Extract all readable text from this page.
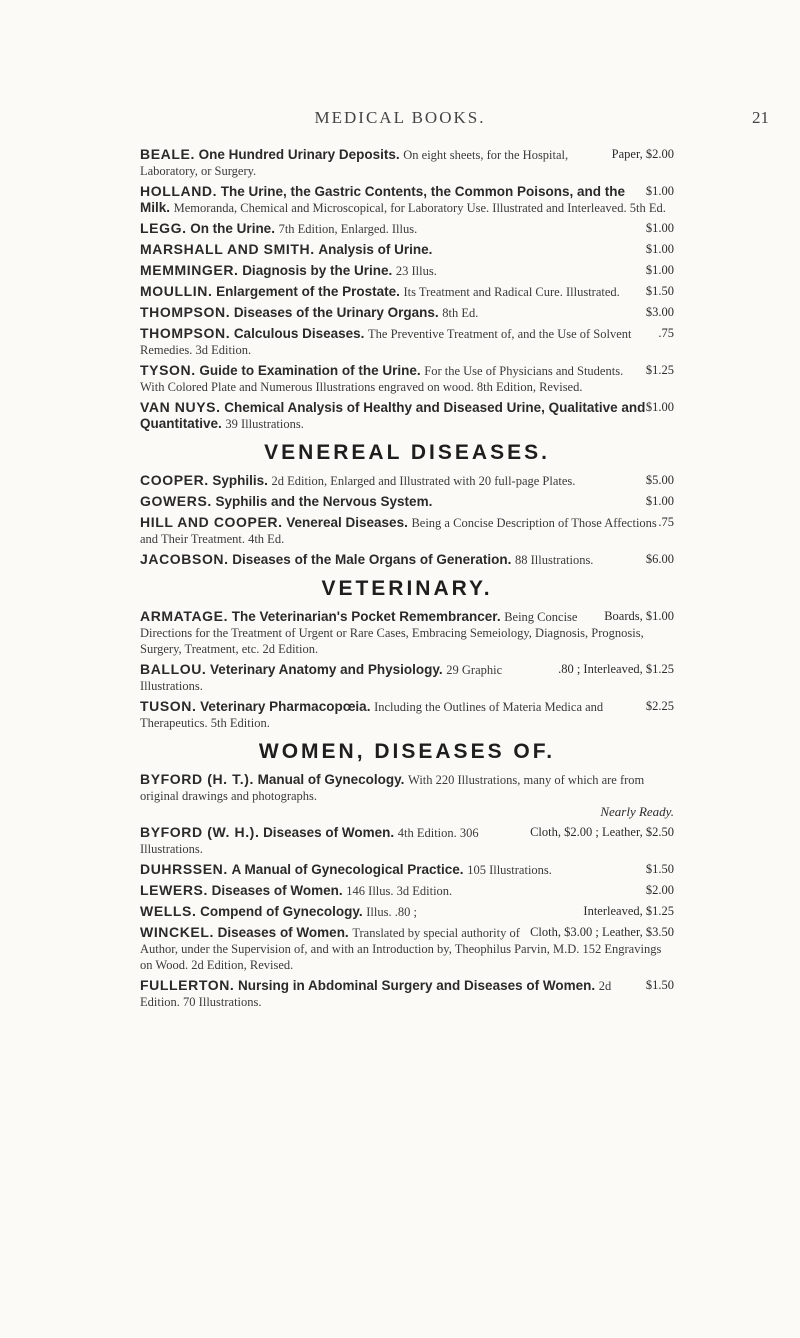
MEDICAL BOOKS.	21
Paper, $2.00
BEALE. One Hundred Urinary Deposits. On eight sheets, for the Hospital, Laboratory, or Surgery.
$1.00
HOLLAND. The Urine, the Gastric Contents, the Common Poisons, and the Milk. Memoranda, Chemical and Microscopical, for Laboratory Use. Illustrated and Interleaved. 5th Ed.
$1.00
LEGG. On the Urine. 7th Edition, Enlarged. Illus.
$1.00
MARSHALL AND SMITH. Analysis of Urine.
$1.00
MEMMINGER. Diagnosis by the Urine. 23 Illus.
$1.50
MOULLIN. Enlargement of the Prostate. Its Treatment and Radical Cure. Illustrated.
$3.00
THOMPSON. Diseases of the Urinary Organs. 8th Ed.
.75
THOMPSON. Calculous Diseases. The Preventive Treatment of, and the Use of Solvent Remedies. 3d Edition.
$1.25
TYSON. Guide to Examination of the Urine. For the Use of Physicians and Students. With Colored Plate and Numerous Illustrations engraved on wood. 8th Edition, Revised.
$1.00
VAN NUYS. Chemical Analysis of Healthy and Diseased Urine, Qualitative and Quantitative. 39 Illustrations.
VENEREAL DISEASES.
$5.00
COOPER. Syphilis. 2d Edition, Enlarged and Illustrated with 20 full-page Plates.
$1.00
GOWERS. Syphilis and the Nervous System.
.75
HILL AND COOPER. Venereal Diseases. Being a Concise Description of Those Affections and Their Treatment. 4th Ed.
$6.00
JACOBSON. Diseases of the Male Organs of Generation. 88 Illustrations.
VETERINARY.
Boards, $1.00
ARMATAGE. The Veterinarian's Pocket Remembrancer. Being Concise Directions for the Treatment of Urgent or Rare Cases, Embracing Semeiology, Diagnosis, Prognosis, Surgery, Treatment, etc. 2d Edition.
.80 ; Interleaved, $1.25
BALLOU. Veterinary Anatomy and Physiology. 29 Graphic Illustrations.
$2.25
TUSON. Veterinary Pharmacopœia. Including the Outlines of Materia Medica and Therapeutics. 5th Edition.
WOMEN, DISEASES OF.
BYFORD (H. T.). Manual of Gynecology. With 220 Illustrations, many of which are from original drawings and photographs.
Nearly Ready.
Cloth, $2.00 ; Leather, $2.50
BYFORD (W. H.). Diseases of Women. 4th Edition. 306 Illustrations.
$1.50
DUHRSSEN. A Manual of Gynecological Practice. 105 Illustrations.
$2.00
LEWERS. Diseases of Women. 146 Illus. 3d Edition.
Interleaved, $1.25
WELLS. Compend of Gynecology. Illus. .80 ;
Cloth, $3.00 ; Leather, $3.50
WINCKEL. Diseases of Women. Translated by special authority of Author, under the Supervision of, and with an Introduction by, Theophilus Parvin, M.D. 152 Engravings on Wood. 2d Edition, Revised.
$1.50
FULLERTON. Nursing in Abdominal Surgery and Diseases of Women. 2d Edition. 70 Illustrations.
